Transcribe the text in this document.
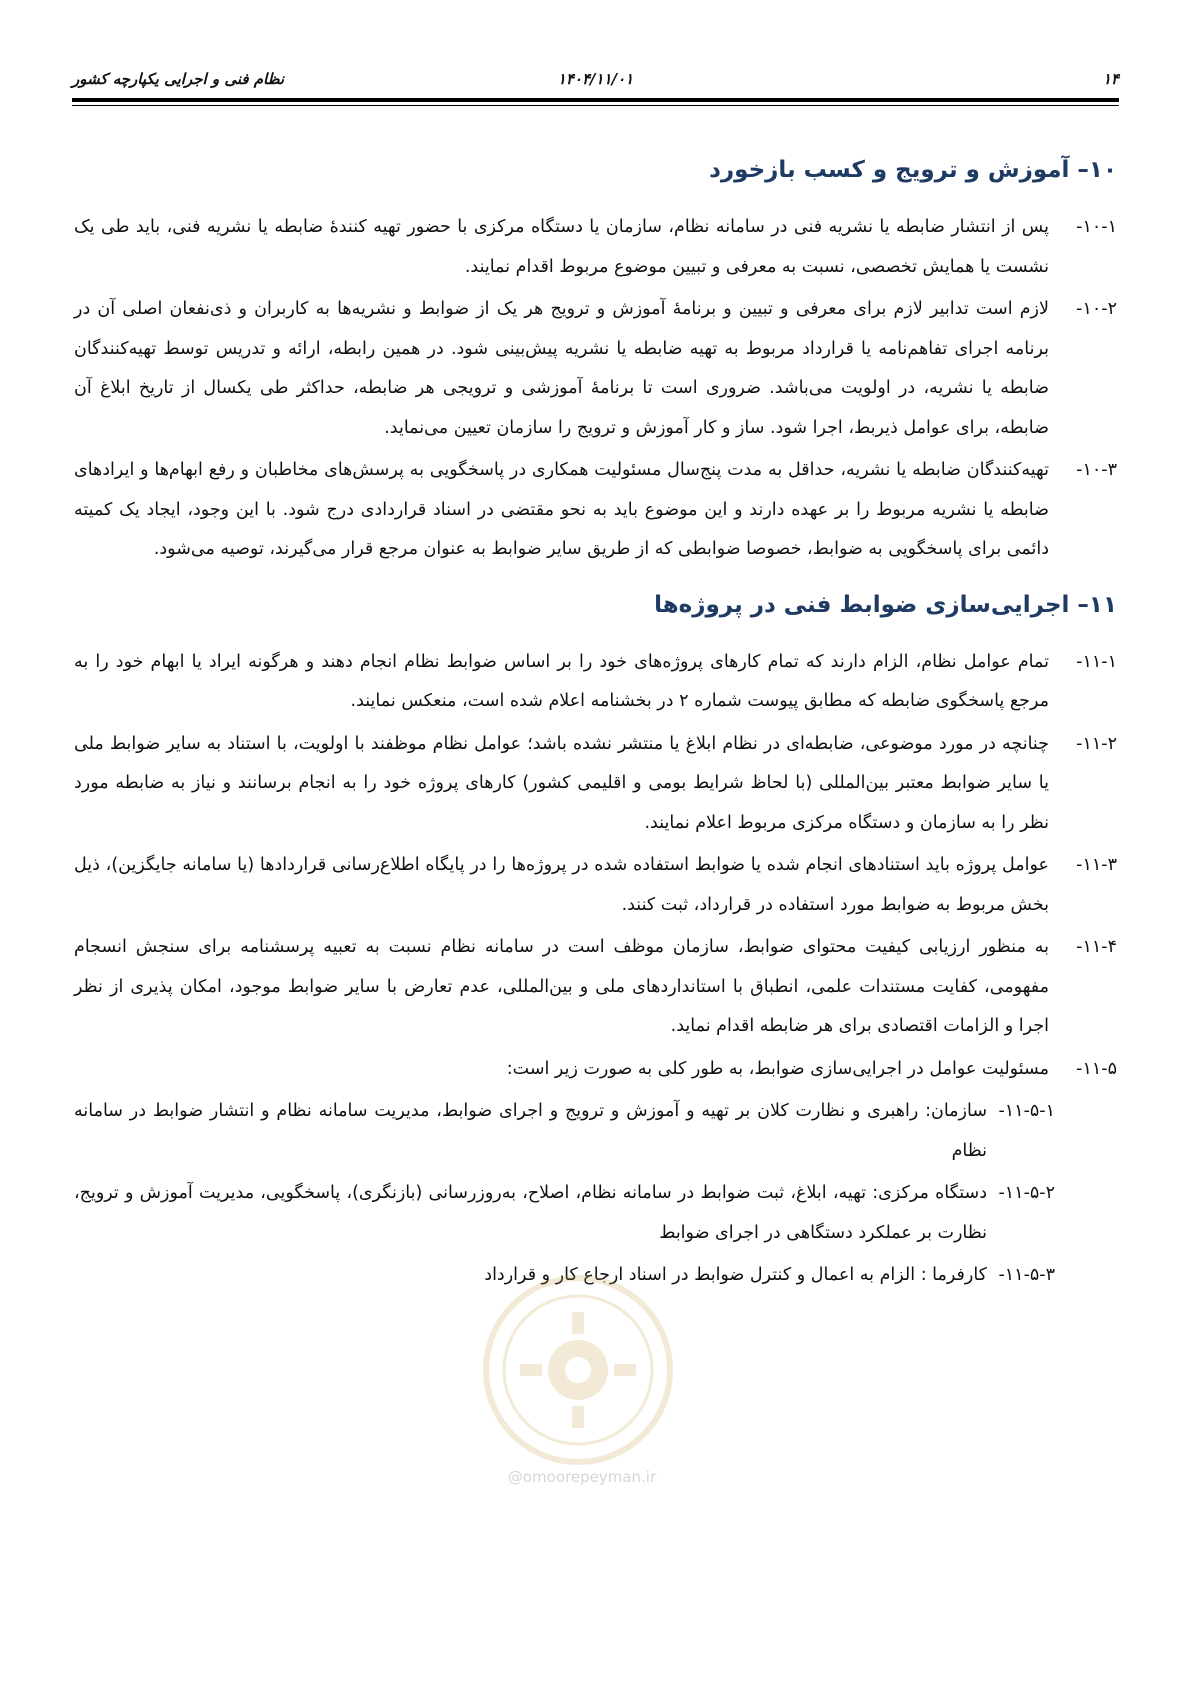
۱۴
۱۴۰۴/۱۱/۰۱
نظام فنی و اجرایی یکپارچه کشور
۱۰–آموزش و ترویج و کسب بازخورد
۱۰-۱-
پس از انتشار ضابطه یا نشریه فنی در سامانه نظام، سازمان یا دستگاه مرکزی با حضور تهیه کنندهٔ ضابطه یا نشریه فنی، باید طی یک نشست یا همایش تخصصی، نسبت به معرفی و تبیین موضوع مربوط اقدام نمایند.
۱۰-۲-
لازم است تدابیر لازم برای معرفی و تبیین و برنامهٔ آموزش و ترویج هر یک از ضوابط و نشریه‌ها به کاربران و ذی‌نفعان اصلی آن در برنامه اجرای تفاهم‌نامه یا قرارداد مربوط به تهیه ضابطه یا نشریه پیش‌بینی شود. در همین رابطه، ارائه و تدریس توسط تهیه‌کنندگان ضابطه یا نشریه، در اولویت می‌باشد. ضروری است تا برنامهٔ آموزشی و ترویجی هر ضابطه، حداکثر طی یکسال از تاریخ ابلاغ آن ضابطه، برای عوامل ذیربط، اجرا شود. ساز و کار آموزش و ترویج را سازمان تعیین می‌نماید.
۱۰-۳-
تهیه‌کنندگان ضابطه یا نشریه، حداقل به مدت پنج‌سال مسئولیت همکاری در پاسخگویی به پرسش‌های مخاطبان و رفع ابهام‌ها و ایرادهای ضابطه یا نشریه مربوط را بر عهده دارند و این موضوع باید به نحو مقتضی در اسناد قراردادی درج شود. با این وجود، ایجاد یک کمیته دائمی برای پاسخگویی به ضوابط، خصوصا ضوابطی که از طریق سایر ضوابط به عنوان مرجع قرار می‌گیرند، توصیه می‌شود.
۱۱–اجرایی‌سازی ضوابط فنی در پروژه‌ها
۱۱-۱-
تمام عوامل نظام، الزام دارند که تمام کارهای پروژه‌های خود را بر اساس ضوابط نظام انجام دهند و هرگونه ایراد یا ابهام خود را به مرجع پاسخگوی ضابطه که مطابق پیوست شماره ۲ در بخشنامه اعلام شده است، منعکس نمایند.
۱۱-۲-
چنانچه در مورد موضوعی، ضابطه‌ای در نظام ابلاغ یا منتشر نشده باشد؛ عوامل نظام موظفند با اولویت، با استناد به سایر ضوابط ملی یا سایر ضوابط معتبر بین‌المللی (با لحاظ شرایط بومی و اقلیمی کشور) کارهای پروژه خود را به انجام برسانند و نیاز به ضابطه مورد نظر را به سازمان و دستگاه مرکزی مربوط اعلام نمایند.
۱۱-۳-
عوامل پروژه باید استنادهای انجام شده یا ضوابط استفاده شده در پروژه‌ها را در پایگاه اطلاع‌رسانی قراردادها (یا سامانه جایگزین)، ذیل بخش مربوط به ضوابط مورد استفاده در قرارداد، ثبت کنند.
۱۱-۴-
به منظور ارزیابی کیفیت محتوای ضوابط، سازمان موظف است در سامانه نظام نسبت به تعبیه پرسشنامه برای سنجش انسجام مفهومی، کفایت مستندات علمی، انطباق با استانداردهای ملی و بین‌المللی، عدم تعارض با سایر ضوابط موجود، امکان پذیری از نظر اجرا و الزامات اقتصادی برای هر ضابطه اقدام نماید.
۱۱-۵-
مسئولیت عوامل در اجرایی‌سازی ضوابط، به طور کلی به صورت زیر است:
۱۱-۵-۱-
سازمان: راهبری و نظارت کلان بر تهیه و آموزش و ترویج و اجرای ضوابط، مدیریت سامانه نظام و انتشار ضوابط در سامانه نظام
۱۱-۵-۲-
دستگاه مرکزی: تهیه، ابلاغ، ثبت ضوابط در سامانه نظام، اصلاح، به‌روزرسانی (بازنگری)، پاسخگویی، مدیریت آموزش و ترویج، نظارت بر عملکرد دستگاهی در اجرای ضوابط
۱۱-۵-۳-
کارفرما : الزام به اعمال و کنترل ضوابط در اسناد ارجاع کار و قرارداد
@omoorepeyman.ir
